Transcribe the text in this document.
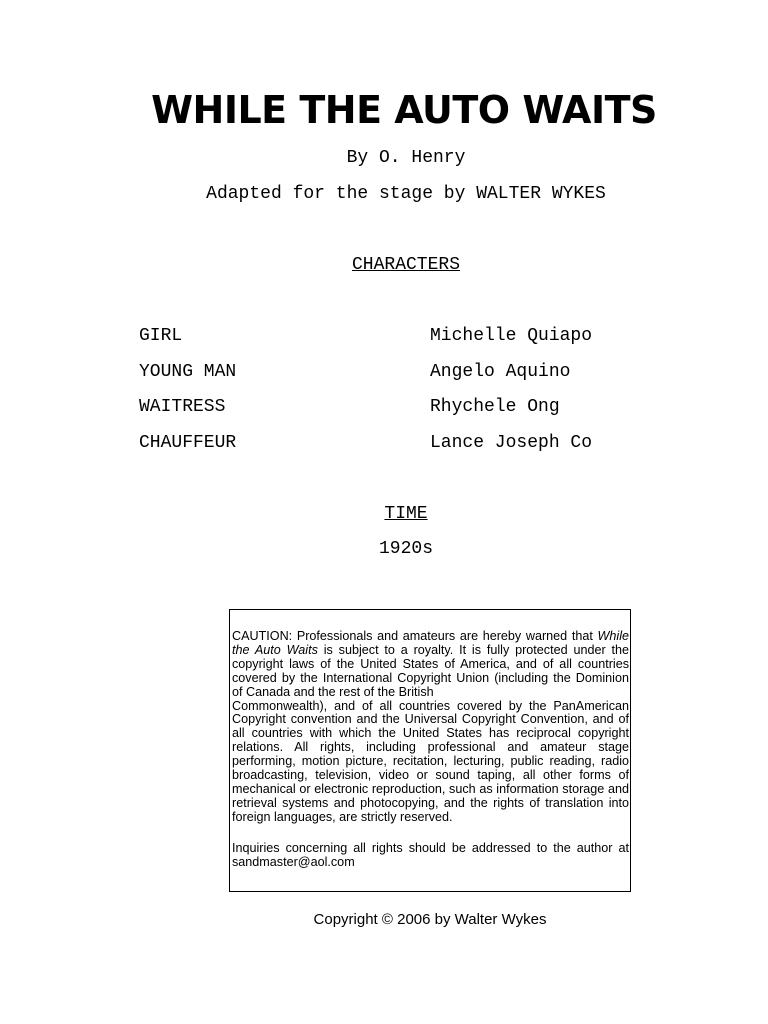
WHILE THE AUTO WAITS
By O. Henry
Adapted for the stage by WALTER WYKES
CHARACTERS
GIRL	Michelle Quiapo
YOUNG MAN	Angelo Aquino
WAITRESS	Rhychele Ong
CHAUFFEUR	Lance Joseph Co
TIME
1920s

CAUTION: Professionals and amateurs are hereby warned that While the Auto Waits is subject to a royalty. It is fully protected under the copyright laws of the United States of America, and of all countries covered by the International Copyright Union (including the Dominion of Canada and the rest of the British

Commonwealth), and of all countries covered by the PanAmerican Copyright convention and the Universal Copyright Convention, and of all countries with which the United States has reciprocal copyright relations. All rights, including professional and amateur stage performing, motion picture, recitation, lecturing, public reading, radio broadcasting, television, video or sound taping, all other forms of mechanical or electronic reproduction, such as information storage and retrieval systems and photocopying, and the rights of translation into foreign languages, are strictly reserved.

Inquiries concerning all rights should be addressed to the author at sandmaster@aol.com

Copyright © 2006 by Walter Wykes
